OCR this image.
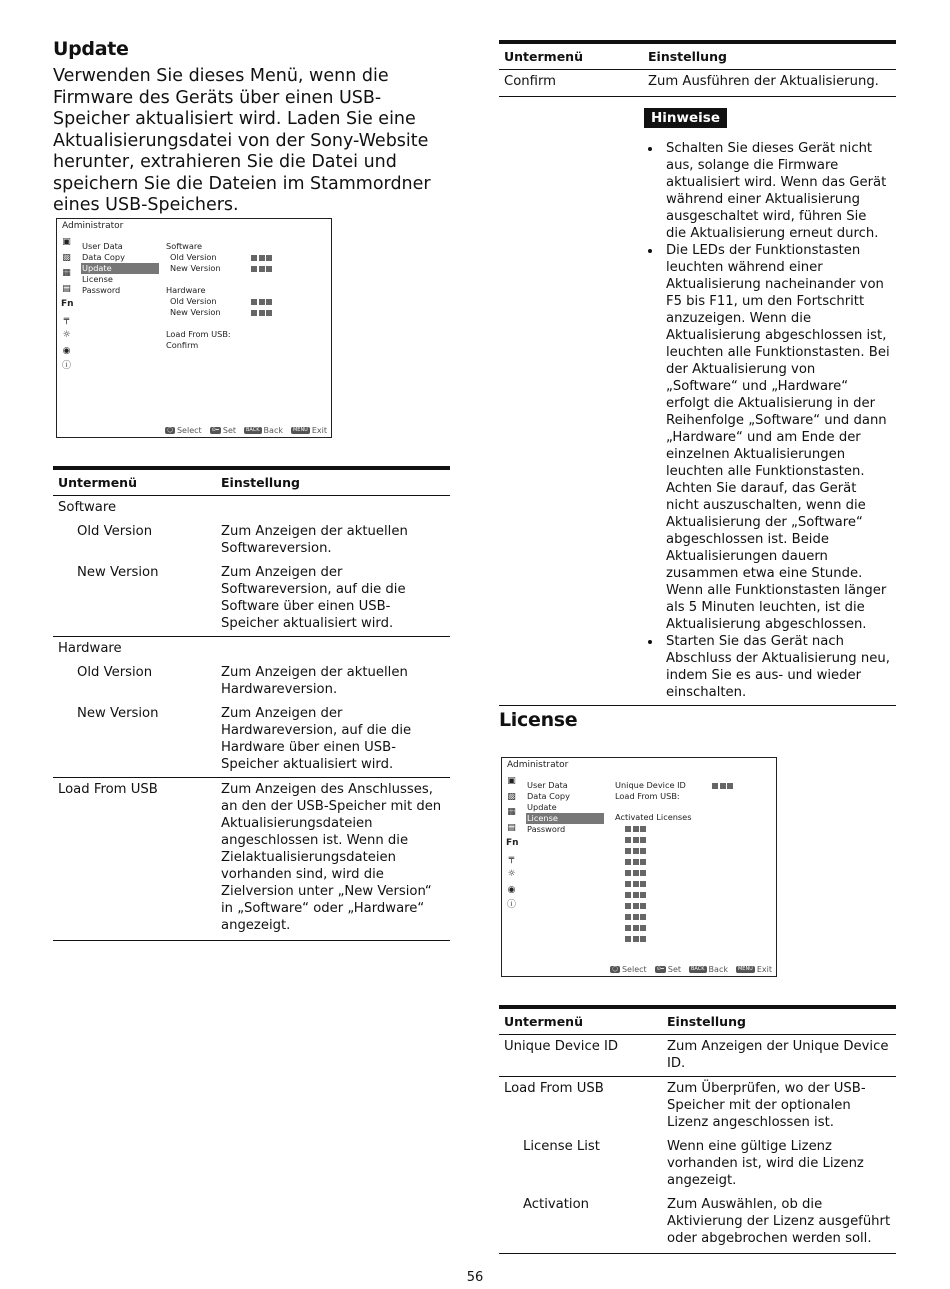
Update

Verwenden Sie dieses Menü, wenn die Firmware des Geräts über einen USB-Speicher aktualisiert wird. Laden Sie eine Aktualisierungsdatei von der Sony-Website herunter, extrahieren Sie die Datei und speichern Sie die Dateien im Stammordner eines USB-Speichers.

Administrator
▣
▨
▦
▤
Fn
╤
☼
◉
ⓘ
User Data
Data Copy
Update
License
Password
Software
Old Version
New Version
Hardware
Old Version
New Version
Load From USB:
Confirm
◯ Select ⊙━ Set BACK Back MENU Exit
Untermenü	Einstellung
Software	
Old Version	Zum Anzeigen der aktuellen Softwareversion.
New Version	Zum Anzeigen der Softwareversion, auf die die Software über einen USB-Speicher aktualisiert wird.
Hardware	
Old Version	Zum Anzeigen der aktuellen Hardwareversion.
New Version	Zum Anzeigen der Hardwareversion, auf die die Hardware über einen USB-Speicher aktualisiert wird.
Load From USB	Zum Anzeigen des Anschlusses, an den der USB-Speicher mit den Aktualisierungsdateien angeschlossen ist. Wenn die Zielaktualisierungsdateien vorhanden sind, wird die Zielversion unter „New Version“ in „Software“ oder „Hardware“ angezeigt.
Untermenü	Einstellung
Confirm	Zum Ausführen der Aktualisierung.
Hinweise
• Schalten Sie dieses Gerät nicht aus, solange die Firmware aktualisiert wird. Wenn das Gerät während einer Aktualisierung ausgeschaltet wird, führen Sie die Aktualisierung erneut durch.
• Die LEDs der Funktionstasten leuchten während einer Aktualisierung nacheinander von F5 bis F11, um den Fortschritt anzuzeigen. Wenn die Aktualisierung abgeschlossen ist, leuchten alle Funktionstasten. Bei der Aktualisierung von „Software“ und „Hardware“ erfolgt die Aktualisierung in der Reihenfolge „Software“ und dann „Hardware“ und am Ende der einzelnen Aktualisierungen leuchten alle Funktionstasten. Achten Sie darauf, das Gerät nicht auszuschalten, wenn die Aktualisierung der „Software“ abgeschlossen ist. Beide Aktualisierungen dauern zusammen etwa eine Stunde. Wenn alle Funktionstasten länger als 5 Minuten leuchten, ist die Aktualisierung abgeschlossen.
• Starten Sie das Gerät nach Abschluss der Aktualisierung neu, indem Sie es aus- und wieder einschalten.
License
Administrator
▣
▨
▦
▤
Fn
╤
☼
◉
ⓘ
User Data
Data Copy
Update
License
Password
Unique Device ID
Load From USB:
Activated Licenses
◯ Select ⊙━ Set BACK Back MENU Exit
Untermenü	Einstellung
Unique Device ID	Zum Anzeigen der Unique Device ID.
Load From USB	Zum Überprüfen, wo der USB-Speicher mit der optionalen Lizenz angeschlossen ist.
License List	Wenn eine gültige Lizenz vorhanden ist, wird die Lizenz angezeigt.
Activation	Zum Auswählen, ob die Aktivierung der Lizenz ausgeführt oder abgebrochen werden soll.
56
